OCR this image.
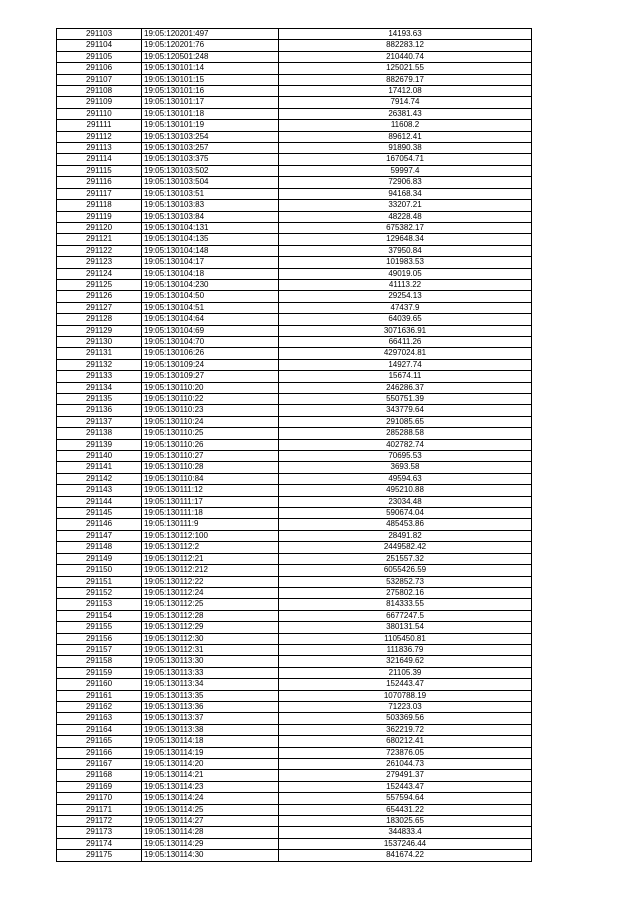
291103	19:05:120201:497	14193.63
291104	19:05:120201:76	882283.12
291105	19:05:120501:248	210440.74
291106	19:05:130101:14	125021.55
291107	19:05:130101:15	882679.17
291108	19:05:130101:16	17412.08
291109	19:05:130101:17	7914.74
291110	19:05:130101:18	26381.43
291111	19:05:130101:19	11608.2
291112	19:05:130103:254	89612.41
291113	19:05:130103:257	91890.38
291114	19:05:130103:375	167054.71
291115	19:05:130103:502	59997.4
291116	19:05:130103:504	72906.83
291117	19:05:130103:51	94168.34
291118	19:05:130103:83	33207.21
291119	19:05:130103:84	48228.48
291120	19:05:130104:131	675382.17
291121	19:05:130104:135	129648.34
291122	19:05:130104:148	37950.84
291123	19:05:130104:17	101983.53
291124	19:05:130104:18	49019.05
291125	19:05:130104:230	41113.22
291126	19:05:130104:50	29254.13
291127	19:05:130104:51	47437.9
291128	19:05:130104:64	64039.65
291129	19:05:130104:69	3071636.91
291130	19:05:130104:70	66411.26
291131	19:05:130106:26	4297024.81
291132	19:05:130109:24	14927.74
291133	19:05:130109:27	15674.11
291134	19:05:130110:20	246286.37
291135	19:05:130110:22	550751.39
291136	19:05:130110:23	343779.64
291137	19:05:130110:24	291085.65
291138	19:05:130110:25	285288.58
291139	19:05:130110:26	402782.74
291140	19:05:130110:27	70695.53
291141	19:05:130110:28	3693.58
291142	19:05:130110:84	49594.63
291143	19:05:130111:12	495210.88
291144	19:05:130111:17	23034.48
291145	19:05:130111:18	590674.04
291146	19:05:130111:9	485453.86
291147	19:05:130112:100	28491.82
291148	19:05:130112:2	2449582.42
291149	19:05:130112:21	251557.32
291150	19:05:130112:212	6055426.59
291151	19:05:130112:22	532852.73
291152	19:05:130112:24	275802.16
291153	19:05:130112:25	814333.55
291154	19:05:130112:28	6677247.5
291155	19:05:130112:29	380131.54
291156	19:05:130112:30	1105450.81
291157	19:05:130112:31	111836.79
291158	19:05:130113:30	321649.62
291159	19:05:130113:33	21105.39
291160	19:05:130113:34	152443.47
291161	19:05:130113:35	1070788.19
291162	19:05:130113:36	71223.03
291163	19:05:130113:37	503369.56
291164	19:05:130113:38	362219.72
291165	19:05:130114:18	680212.41
291166	19:05:130114:19	723876.05
291167	19:05:130114:20	261044.73
291168	19:05:130114:21	279491.37
291169	19:05:130114:23	152443.47
291170	19:05:130114:24	557594.64
291171	19:05:130114:25	654431.22
291172	19:05:130114:27	183025.65
291173	19:05:130114:28	344833.4
291174	19:05:130114:29	1537246.44
291175	19:05:130114:30	841674.22
